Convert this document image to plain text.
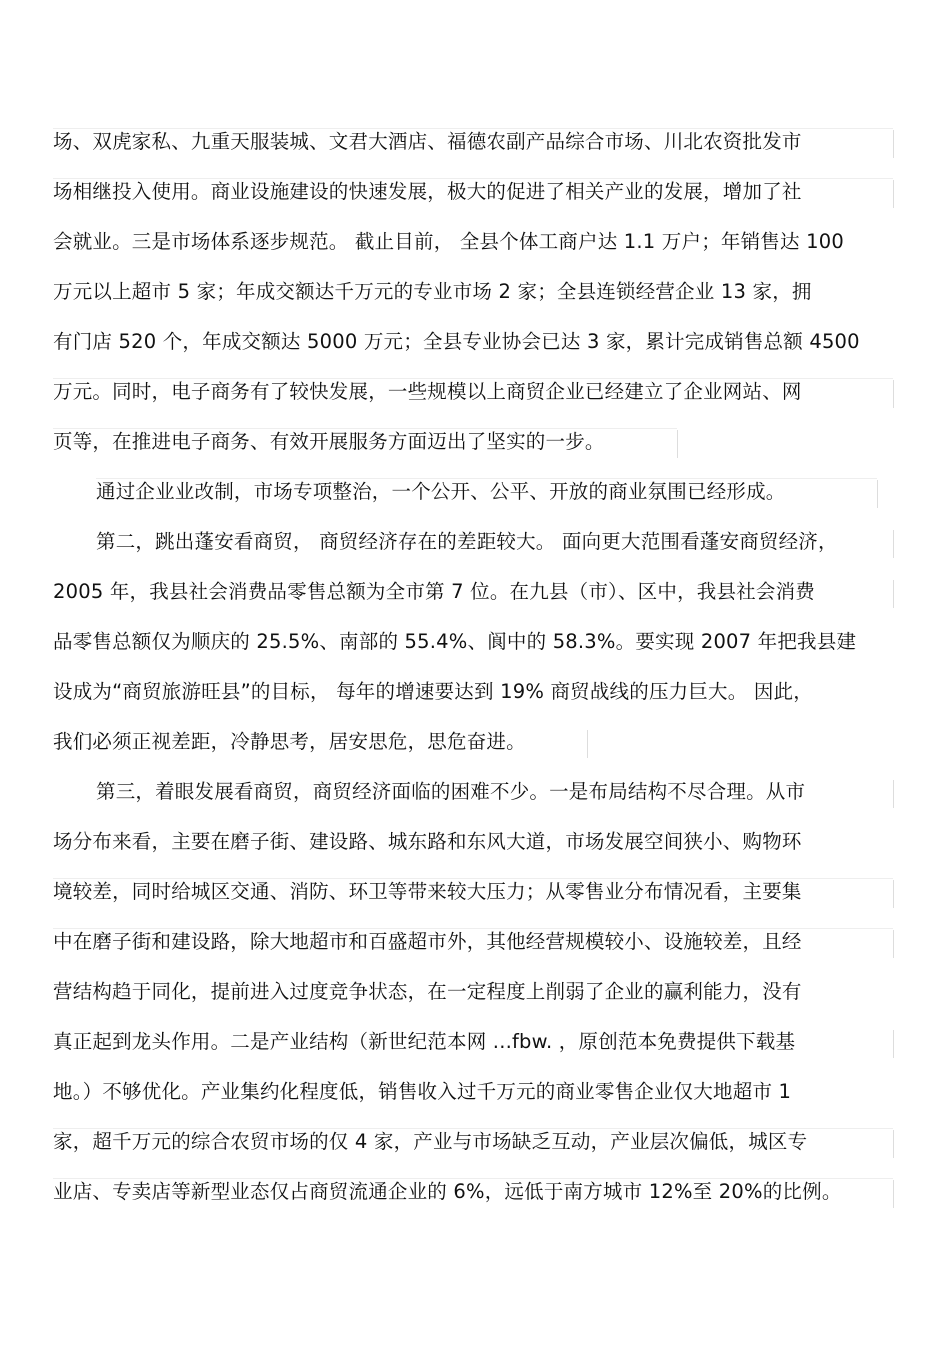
场、双虎家私、九重天服装城、文君大酒店、福德农副产品综合市场、川北农资批发市
场相继投入使用。商业设施建设的快速发展，极大的促进了相关产业的发展，增加了社
会就业。三是市场体系逐步规范。 截止目前， 全县个体工商户达 1.1 万户；年销售达 100
万元以上超市 5 家；年成交额达千万元的专业市场 2 家；全县连锁经营企业 13 家，拥
有门店 520 个，年成交额达 5000 万元；全县专业协会已达 3 家，累计完成销售总额 4500
万元。同时，电子商务有了较快发展，一些规模以上商贸企业已经建立了企业网站、网
页等，在推进电子商务、有效开展服务方面迈出了坚实的一步。
通过企业业改制，市场专项整治，一个公开、公平、开放的商业氛围已经形成。
第二，跳出蓬安看商贸， 商贸经济存在的差距较大。 面向更大范围看蓬安商贸经济，
2005 年，我县社会消费品零售总额为全市第 7 位。在九县（市）、区中，我县社会消费
品零售总额仅为顺庆的 25.5%、南部的 55.4%、阆中的 58.3%。要实现 2007 年把我县建
设成为“商贸旅游旺县”的目标， 每年的增速要达到 19% 商贸战线的压力巨大。 因此，
我们必须正视差距，冷静思考，居安思危，思危奋进。
第三，着眼发展看商贸，商贸经济面临的困难不少。一是布局结构不尽合理。从市
场分布来看，主要在磨子街、建设路、城东路和东风大道，市场发展空间狭小、购物环
境较差，同时给城区交通、消防、环卫等带来较大压力；从零售业分布情况看，主要集
中在磨子街和建设路，除大地超市和百盛超市外，其他经营规模较小、设施较差，且经
营结构趋于同化，提前进入过度竞争状态，在一定程度上削弱了企业的赢利能力，没有
真正起到龙头作用。二是产业结构（新世纪范本网 ...fbw. ，原创范本免费提供下载基
地。）不够优化。产业集约化程度低，销售收入过千万元的商业零售企业仅大地超市 1
家，超千万元的综合农贸市场的仅 4 家，产业与市场缺乏互动，产业层次偏低，城区专
业店、专卖店等新型业态仅占商贸流通企业的 6%，远低于南方城市 12%至 20%的比例。
